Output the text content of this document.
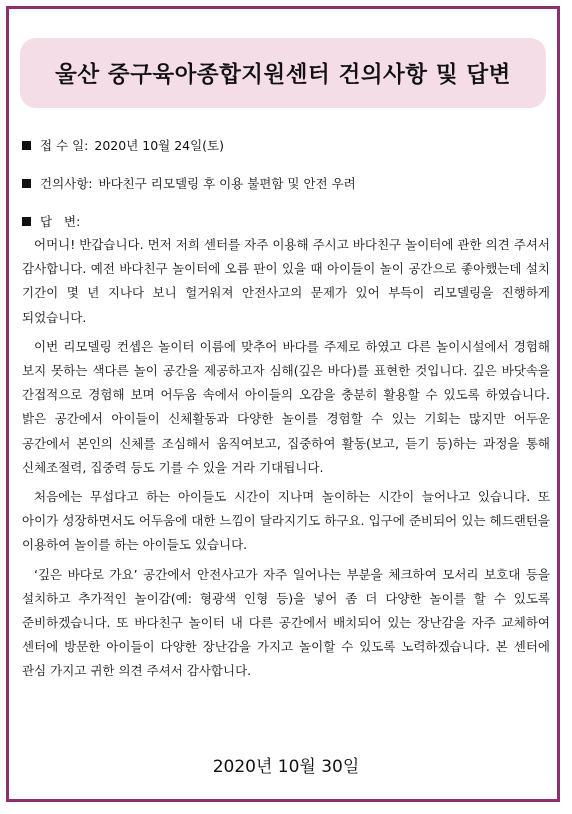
울산 중구육아종합지원센터 건의사항 및 답변
접 수 일: 2020년 10월 24일(토)
건의사항: 바다친구 리모델링 후 이용 불편함 및 안전 우려
답   변:

어머니! 반갑습니다. 먼저 저희 센터를 자주 이용해 주시고 바다친구 놀이터에 관한 의견 주셔서 감사합니다. 예전 바다친구 놀이터에 오름 판이 있을 때 아이들이 놀이 공간으로 좋아했는데 설치 기간이 몇 년 지나다 보니 헐거워져 안전사고의 문제가 있어 부득이 리모델링을 진행하게 되었습니다.

이번 리모델링 컨셉은 놀이터 이름에 맞추어 바다를 주제로 하였고 다른 놀이시설에서 경험해 보지 못하는 색다른 놀이 공간을 제공하고자 심해(깊은 바다)를 표현한 것입니다. 깊은 바닷속을 간접적으로 경험해 보며 어두움 속에서 아이들의 오감을 충분히 활용할 수 있도록 하였습니다. 밝은 공간에서 아이들이 신체활동과 다양한 놀이를 경험할 수 있는 기회는 많지만 어두운 공간에서 본인의 신체를 조심해서 움직여보고, 집중하여 활동(보고, 듣기 등)하는 과정을 통해 신체조절력, 집중력 등도 기를 수 있을 거라 기대됩니다.

처음에는 무섭다고 하는 아이들도 시간이 지나며 놀이하는 시간이 늘어나고 있습니다. 또 아이가 성장하면서도 어두움에 대한 느낌이 달라지기도 하구요. 입구에 준비되어 있는 헤드랜턴을 이용하여 놀이를 하는 아이들도 있습니다.

‘깊은 바다로 가요’ 공간에서 안전사고가 자주 일어나는 부분을 체크하여 모서리 보호대 등을 설치하고 추가적인 놀이감(예: 형광색 인형 등)을 넣어 좀 더 다양한 놀이를 할 수 있도록 준비하겠습니다. 또 바다친구 놀이터 내 다른 공간에서 배치되어 있는 장난감을 자주 교체하여 센터에 방문한 아이들이 다양한 장난감을 가지고 놀이할 수 있도록 노력하겠습니다. 본 센터에 관심 가지고 귀한 의견 주셔서 감사합니다.

2020년 10월 30일
